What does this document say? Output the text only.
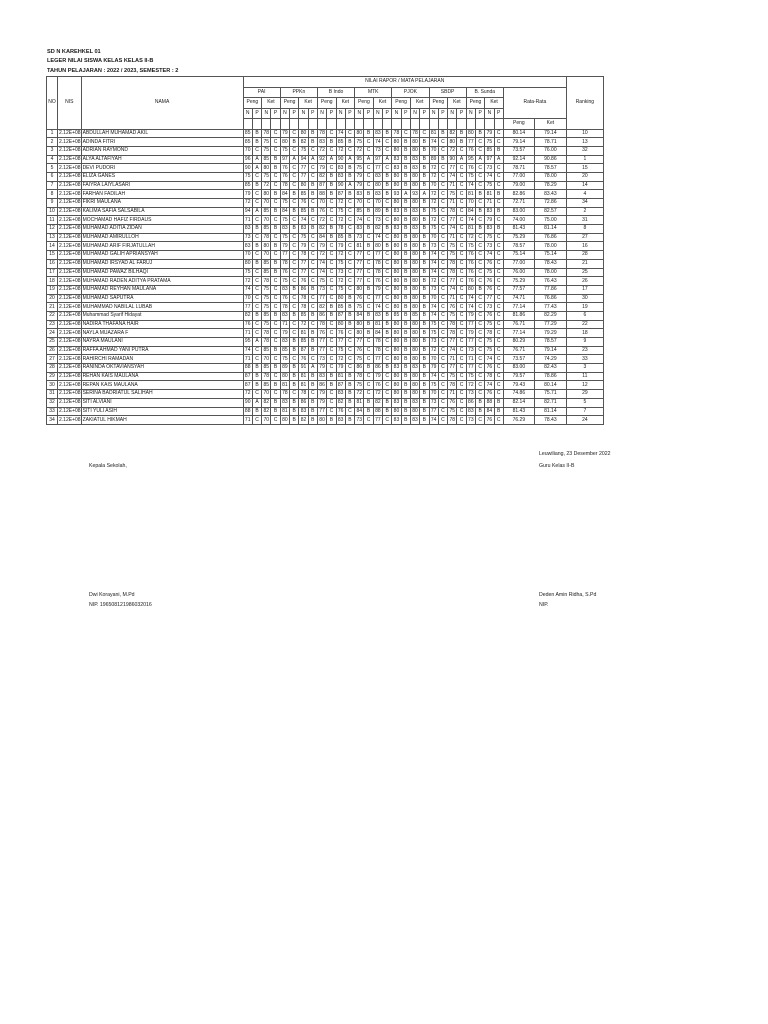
SD N KAREHKEL 01
LEGER NILAI SISWA KELAS KELAS II-B
TAHUN PELAJARAN : 2022 / 2023, SEMESTER : 2
NO	NIS	NAMA	NILAI RAPOR / MATA PELAJARAN																														Ranking
			PAI				PPKn				B Indo				MTK				PJOK				SBDP				B. Sunda				Rata-Rata		
			Peng		Ket		Peng		Ket		Peng		Ket		Peng		Ket		Peng		Ket		Peng		Ket		Peng		Ket				
			N	P	N	P	N	P	N	P	N	P	N	P	N	P	N	P	N	P	N	P	N	P	N	P	N	P	N	P			
																															Peng	Ket	
1	2.12E+08	ABDULLAH MUHAMAD AKIL	85	B	78	C	79	C	80	B	78	C	74	C	80	B	83	B	78	C	78	C	81	B	82	B	80	B	79	C	80.14	79.14	10
2	2.12E+08	ADINDA FITRI	85	B	75	C	80	B	82	B	83	B	85	B	75	C	74	C	80	B	80	B	74	C	80	B	77	C	75	C	79.14	78.71	13
3	2.12E+08	ADRIAN RAYMOND	70	C	75	C	75	C	75	C	72	C	72	C	72	C	73	C	80	B	80	B	70	C	72	C	76	C	85	B	73.57	76.00	32
4	2.12E+08	ALYA ALTAFIYAH	96	A	85	B	97	A	94	A	92	A	90	A	95	A	97	A	83	B	83	B	89	B	90	A	95	A	97	A	92.14	90.86	1
5	2.12E+08	DEVI PUDORI	90	A	80	B	76	C	77	C	79	C	83	B	75	C	77	C	83	B	83	B	72	C	77	C	76	C	73	C	78.71	78.57	15
6	2.12E+08	ELIZA GANES	75	C	75	C	76	C	77	C	82	B	83	B	79	C	83	B	80	B	80	B	72	C	74	C	75	C	74	C	77.00	78.00	20
7	2.12E+08	FAIYRA LAIYLASARI	85	B	72	C	78	C	80	B	87	B	90	A	79	C	80	B	80	B	80	B	70	C	71	C	74	C	75	C	79.00	78.29	14
8	2.12E+08	FARHAN FADILAH	79	C	80	B	84	B	85	B	88	B	87	B	83	B	83	B	93	A	93	A	72	C	75	C	81	B	81	B	82.86	83.43	4
9	2.12E+08	FIKRI MAULANA	72	C	70	C	75	C	76	C	70	C	72	C	70	C	70	C	80	B	80	B	72	C	71	C	70	C	71	C	72.71	72.86	34
10	2.12E+08	KALIMA SAFIA SALSABILA	94	A	85	B	84	B	85	B	76	C	75	C	85	B	89	B	83	B	83	B	75	C	78	C	84	B	83	B	83.00	82.57	2
11	2.12E+08	MOCHAMAD HAFIZ FIRDAUS	71	C	70	C	75	C	74	C	72	C	72	C	74	C	73	C	80	B	80	B	72	C	77	C	74	C	79	C	74.00	75.00	31
12	2.12E+08	MUHAMAD ADITIA ZIDAN	83	B	85	B	83	B	83	B	82	B	78	C	83	B	82	B	83	B	83	B	75	C	74	C	81	B	83	B	81.43	81.14	8
13	2.12E+08	MUHAMAD AMIRULLOH	73	C	78	C	75	C	75	C	84	B	85	B	73	C	74	C	80	B	80	B	70	C	71	C	72	C	75	C	75.29	76.86	27
14	2.12E+08	MUHAMAD ARIF FIRJATULLAH	83	B	80	B	79	C	79	C	79	C	79	C	81	B	80	B	80	B	80	B	73	C	75	C	75	C	73	C	78.57	78.00	16
15	2.12E+08	MUHAMAD GALIH APRIANSYAH	70	C	70	C	77	C	78	C	72	C	72	C	77	C	77	C	80	B	80	B	74	C	75	C	76	C	74	C	75.14	75.14	28
16	2.12E+08	MUHAMAD IRSYAD AL FARUJ	80	B	85	B	78	C	77	C	74	C	75	C	77	C	78	C	80	B	80	B	74	C	78	C	76	C	76	C	77.00	78.43	21
17	2.12E+08	MUHAMAD PAWAZ BILHAQI	75	C	85	B	76	C	77	C	74	C	73	C	77	C	78	C	80	B	80	B	74	C	78	C	76	C	75	C	76.00	78.00	25
18	2.12E+08	MUHAMAD RADEN ADITYA PRATAMA	72	C	78	C	75	C	76	C	75	C	72	C	77	C	76	C	80	B	80	B	72	C	77	C	76	C	76	C	75.29	76.43	26
19	2.12E+08	MUHAMAD REYHAN MAULANA	74	C	75	C	83	B	86	B	73	C	75	C	80	B	79	C	80	B	80	B	73	C	74	C	80	B	76	C	77.57	77.86	17
20	2.12E+08	MUHAMAD SAPUTRA	70	C	75	C	76	C	78	C	77	C	80	B	76	C	77	C	80	B	80	B	70	C	71	C	74	C	77	C	74.71	76.86	30
21	2.12E+08	MUHAMMAD NABILAL LUBAB	77	C	75	C	78	C	78	C	82	B	85	B	75	C	74	C	80	B	80	B	74	C	76	C	74	C	73	C	77.14	77.43	19
22	2.12E+08	Muhammad Syarif Hidayat	82	B	85	B	83	B	85	B	86	B	87	B	84	B	83	B	85	B	85	B	74	C	75	C	79	C	76	C	81.86	82.29	6
23	2.12E+08	NADIRA THAFANA HAIR	76	C	75	C	71	C	72	C	78	C	80	B	80	B	81	B	80	B	80	B	75	C	78	C	77	C	75	C	76.71	77.29	22
24	2.12E+08	NAYLA MUAZARA F	71	C	78	C	79	C	81	B	76	C	76	C	80	B	84	B	80	B	80	B	75	C	78	C	79	C	78	C	77.14	79.29	18
25	2.12E+08	NAYRA MAULANI	95	A	78	C	83	B	85	B	77	C	77	C	77	C	78	C	80	B	80	B	73	C	77	C	77	C	75	C	80.29	78.57	9
26	2.12E+08	RAFFA AHMAD YANI PUTRA	74	C	85	B	85	B	87	B	77	C	75	C	76	C	78	C	80	B	80	B	72	C	74	C	73	C	75	C	76.71	79.14	23
27	2.12E+08	RAHIRCHI RAMADAN	71	C	70	C	75	C	76	C	73	C	72	C	75	C	77	C	80	B	80	B	70	C	71	C	71	C	74	C	73.57	74.29	33
28	2.12E+08	RANINDA OKTAVIANSYAH	88	B	85	B	89	B	91	A	79	C	79	C	86	B	86	B	83	B	83	B	79	C	77	C	77	C	76	C	83.00	82.43	3
29	2.12E+08	REHAN KAIS MAULANA	87	B	78	C	80	B	81	B	83	B	81	B	78	C	79	C	80	B	80	B	74	C	75	C	75	C	78	C	79.57	78.86	11
30	2.12E+08	REPAN KAIS MAULANA	87	B	85	B	81	B	81	B	86	B	87	B	75	C	76	C	80	B	80	B	75	C	78	C	72	C	74	C	79.43	80.14	12
31	2.12E+08	SERINA BADRIATUL SALIHAH	72	C	70	C	78	C	78	C	79	C	83	B	72	C	72	C	80	B	80	B	70	C	71	C	73	C	76	C	74.86	75.71	29
32	2.12E+08	SITI ALVIANI	90	A	82	B	83	B	86	B	79	C	82	B	81	B	82	B	83	B	83	B	73	C	76	C	86	B	88	B	82.14	82.71	5
33	2.12E+08	SITI YULI ASIH	88	B	82	B	81	B	83	B	77	C	76	C	84	B	88	B	80	B	80	B	77	C	75	C	83	B	84	B	81.43	81.14	7
34	2.12E+08	ZAKIATUL HIKMAH	71	C	70	C	80	B	82	B	80	B	83	B	73	C	77	C	83	B	83	B	74	C	78	C	73	C	76	C	76.29	78.43	24
Leuwiliang, 23 Desember 2022
Kepala Sekolah,	Guru Kelas II-B
Dwi Korayani, M.Pd
NIP. 196508121986032016
Deden Amin Ridha, S.Pd
NIP.
